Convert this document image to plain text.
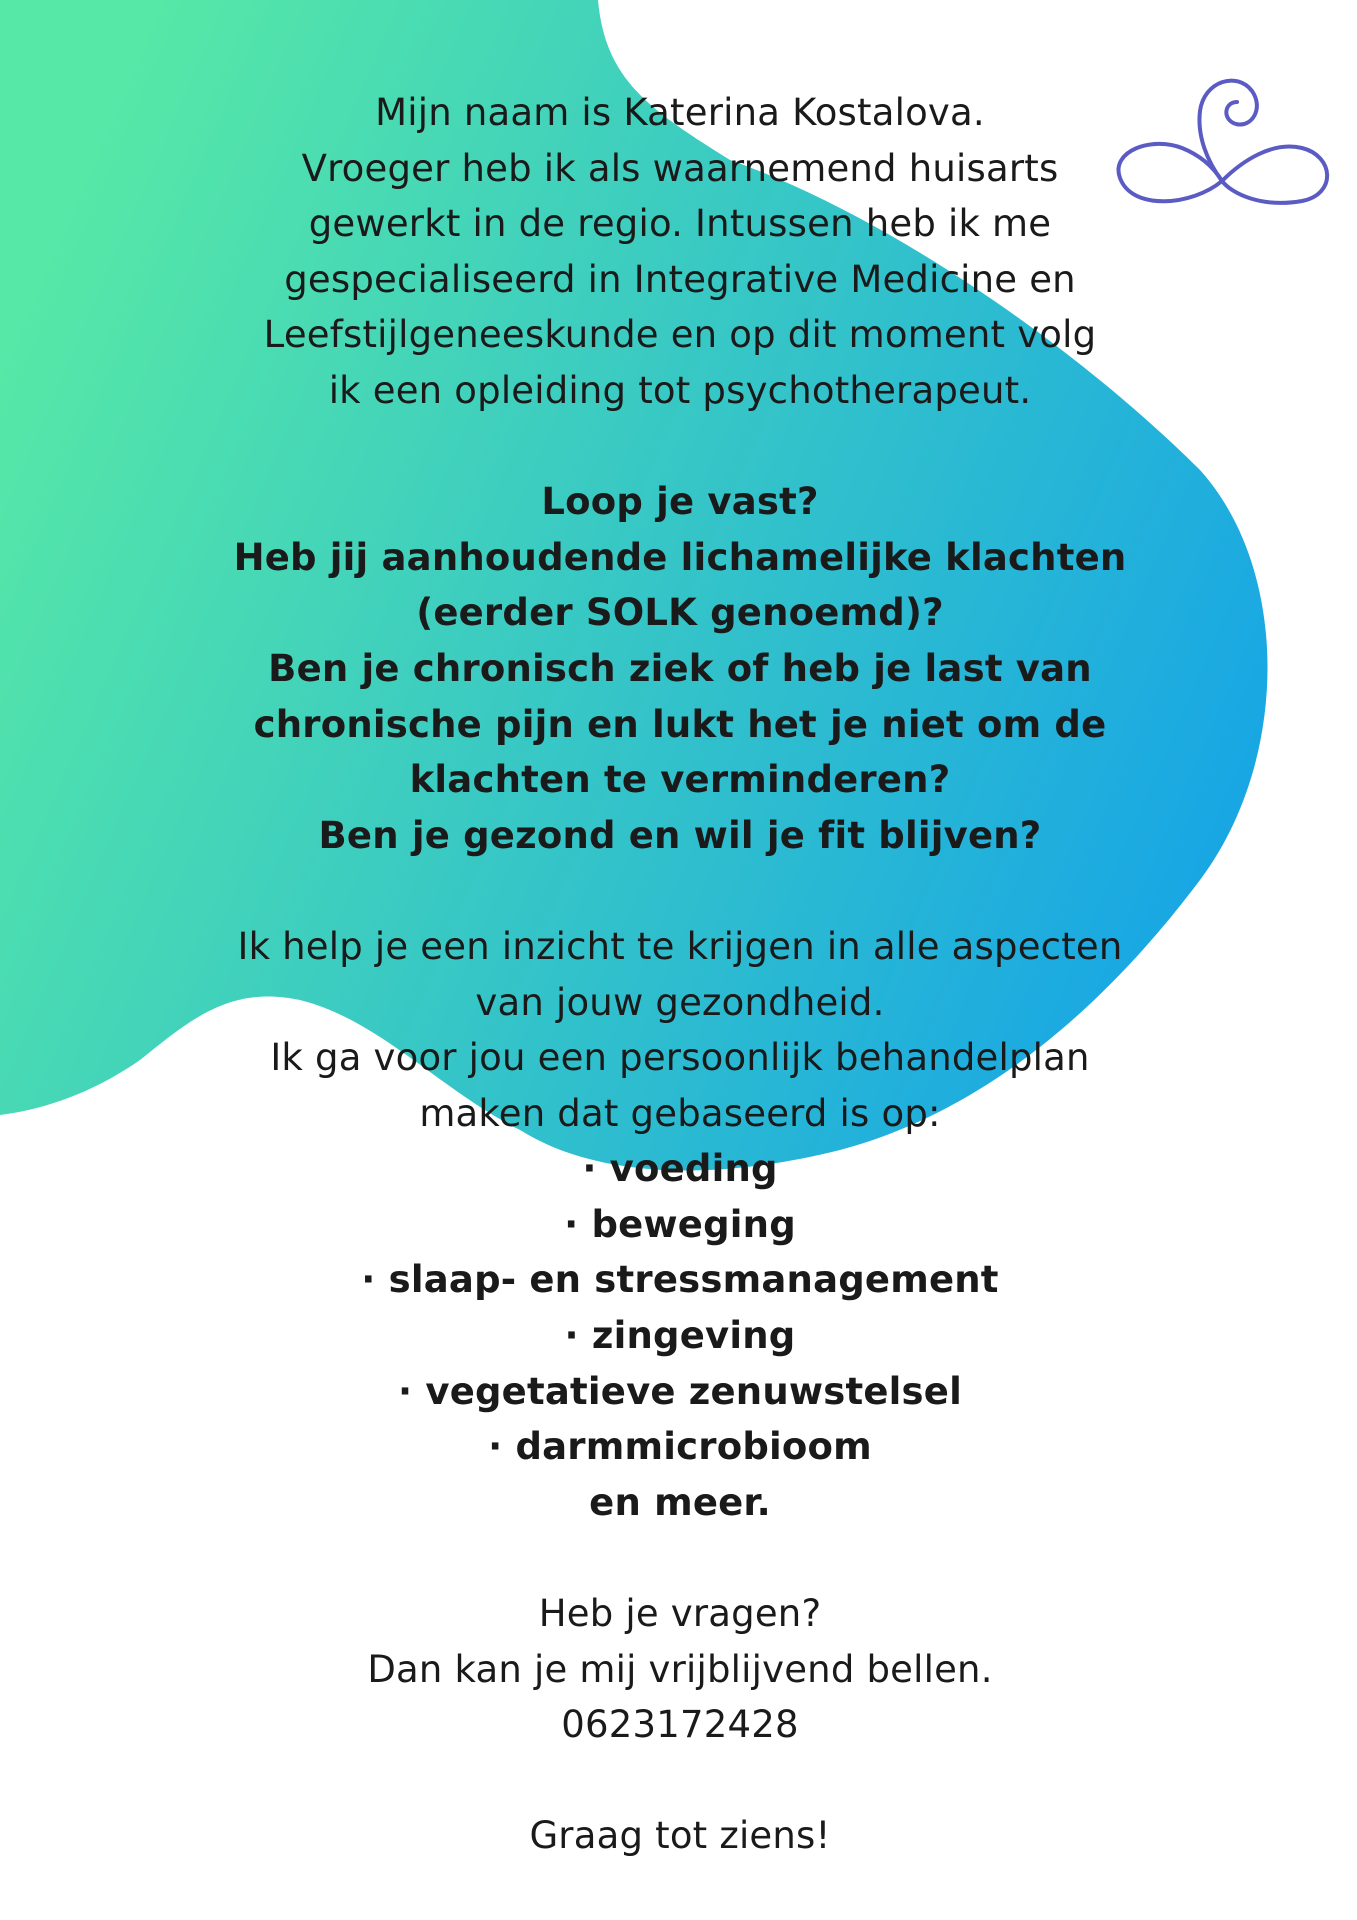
Mijn naam is Katerina Kostalova.

Vroeger heb ik als waarnemend huisarts

gewerkt in de regio. Intussen heb ik me

gespecialiseerd in Integrative Medicine en

Leefstijlgeneeskunde en op dit moment volg

ik een opleiding tot psychotherapeut.

Loop je vast?

Heb jij aanhoudende lichamelijke klachten

(eerder SOLK genoemd)?

Ben je chronisch ziek of heb je last van

chronische pijn en lukt het je niet om de

klachten te verminderen?

Ben je gezond en wil je fit blijven?

Ik help je een inzicht te krijgen in alle aspecten

van jouw gezondheid.

Ik ga voor jou een persoonlijk behandelplan

maken dat gebaseerd is op:

· voeding
· beweging
· slaap- en stressmanagement
· zingeving
· vegetatieve zenuwstelsel
· darmmicrobioom

en meer.

Heb je vragen?

Dan kan je mij vrijblijvend bellen.

0623172428

Graag tot ziens!
